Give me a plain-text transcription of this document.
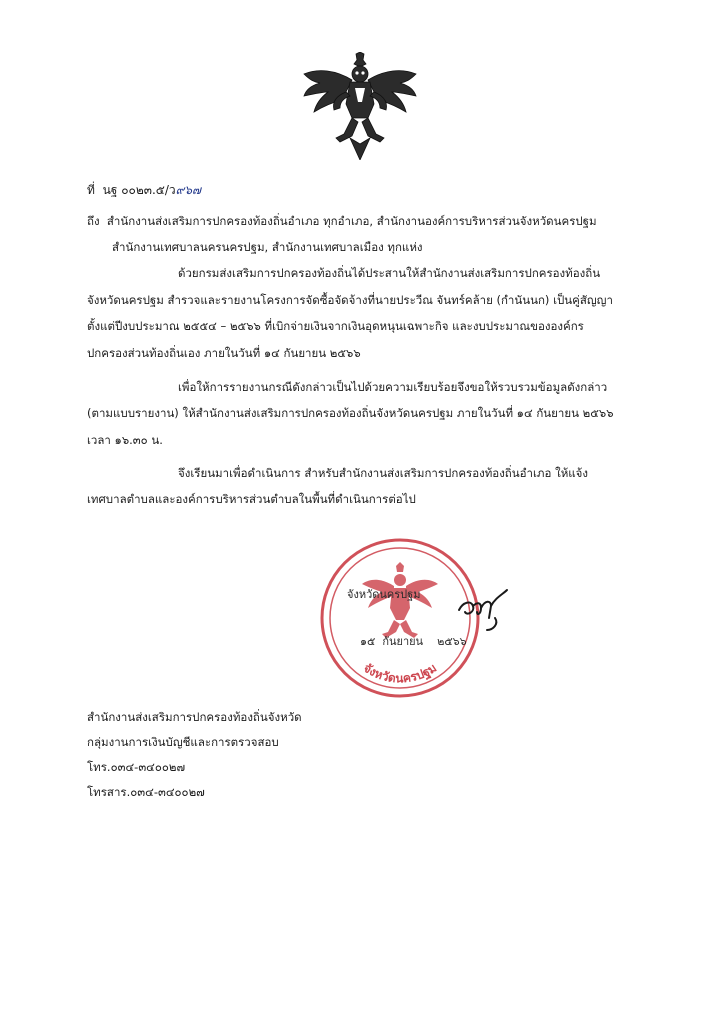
ที่ นฐ ๐๐๒๓.๕/ว๙๖๗
ถึง สำนักงานส่งเสริมการปกครองท้องถิ่นอำเภอ ทุกอำเภอ, สำนักงานองค์การบริหารส่วนจังหวัดนครปฐม
สำนักงานเทศบาลนครนครปฐม, สำนักงานเทศบาลเมือง ทุกแห่ง
ด้วยกรมส่งเสริมการปกครองท้องถิ่นได้ประสานให้สำนักงานส่งเสริมการปกครองท้องถิ่น
จังหวัดนครปฐม สำรวจและรายงานโครงการจัดซื้อจัดจ้างที่นายประวีณ จันทร์คล้าย (กำนันนก) เป็นคู่สัญญา
ตั้งแต่ปีงบประมาณ ๒๕๕๔ – ๒๕๖๖ ที่เบิกจ่ายเงินจากเงินอุดหนุนเฉพาะกิจ และงบประมาณขององค์กร
ปกครองส่วนท้องถิ่นเอง ภายในวันที่ ๑๔ กันยายน ๒๕๖๖
เพื่อให้การรายงานกรณีดังกล่าวเป็นไปด้วยความเรียบร้อยจึงขอให้รวบรวมข้อมูลดังกล่าว
(ตามแบบรายงาน) ให้สำนักงานส่งเสริมการปกครองท้องถิ่นจังหวัดนครปฐม ภายในวันที่ ๑๔ กันยายน ๒๕๖๖
เวลา ๑๖.๓๐ น.
จึงเรียนมาเพื่อดำเนินการ สำหรับสำนักงานส่งเสริมการปกครองท้องถิ่นอำเภอ ให้แจ้ง
เทศบาลตำบลและองค์การบริหารส่วนตำบลในพื้นที่ดำเนินการต่อไป
จังหวัดนครปฐม
จังหวัดนครปฐม
๑๕ กันยายน ๒๕๖๖
สำนักงานส่งเสริมการปกครองท้องถิ่นจังหวัด
กลุ่มงานการเงินบัญชีและการตรวจสอบ
โทร.๐๓๔-๓๔๐๐๒๗
โทรสาร.๐๓๔-๓๔๐๐๒๗
